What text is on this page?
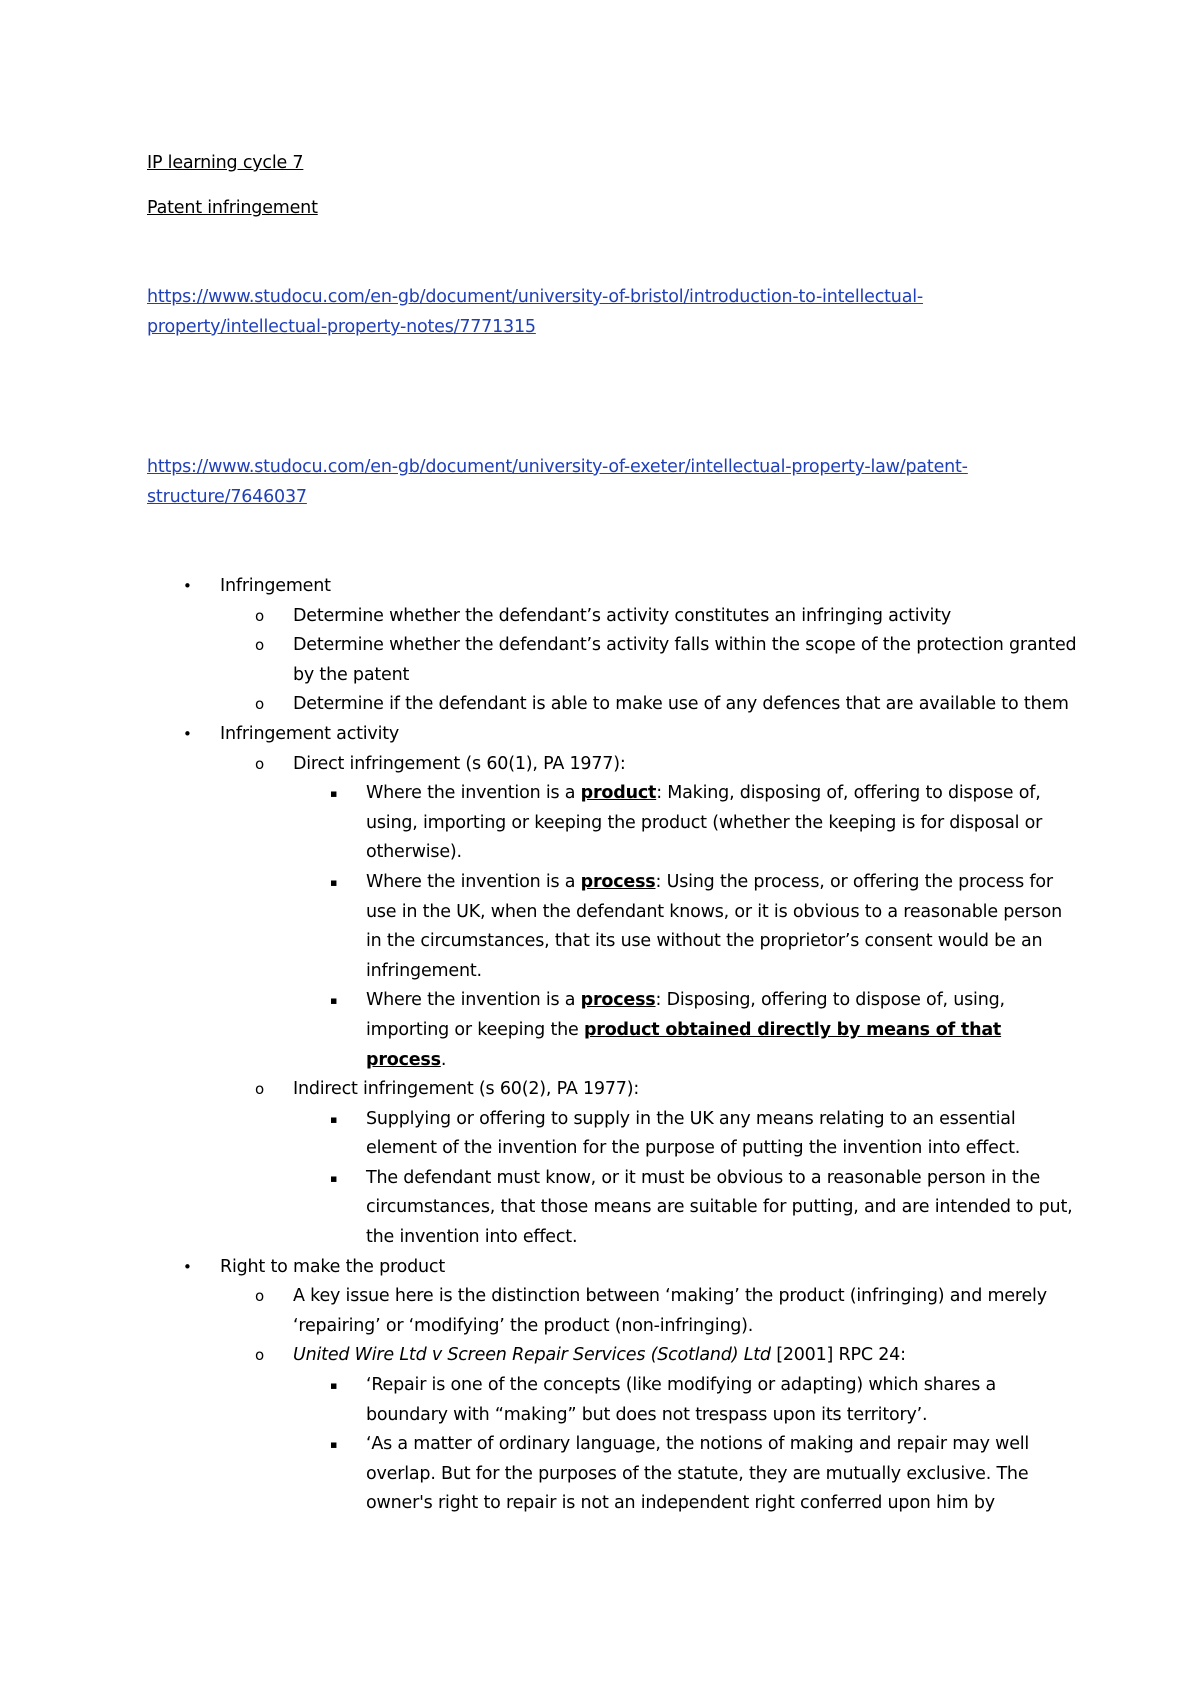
IP learning cycle 7

Patent infringement

https://www.studocu.com/en-gb/document/university-of-bristol/introduction-to-intellectual-property/intellectual-property-notes/7771315
https://www.studocu.com/en-gb/document/university-of-exeter/intellectual-property-law/patent-structure/7646037
• Infringement
o Determine whether the defendant’s activity constitutes an infringing activity
o Determine whether the defendant’s activity falls within the scope of the protection granted by the patent
o Determine if the defendant is able to make use of any defences that are available to them
• Infringement activity
o Direct infringement (s 60(1), PA 1977):
▪ Where the invention is a product: Making, disposing of, offering to dispose of, using, importing or keeping the product (whether the keeping is for disposal or otherwise).
▪ Where the invention is a process: Using the process, or offering the process for use in the UK, when the defendant knows, or it is obvious to a reasonable person in the circumstances, that its use without the proprietor’s consent would be an infringement.
▪ Where the invention is a process: Disposing, offering to dispose of, using, importing or keeping the product obtained directly by means of that process.
o Indirect infringement (s 60(2), PA 1977):
▪ Supplying or offering to supply in the UK any means relating to an essential element of the invention for the purpose of putting the invention into effect.
▪ The defendant must know, or it must be obvious to a reasonable person in the circumstances, that those means are suitable for putting, and are intended to put, the invention into effect.
• Right to make the product
o A key issue here is the distinction between ‘making’ the product (infringing) and merely ‘repairing’ or ‘modifying’ the product (non-infringing).
o United Wire Ltd v Screen Repair Services (Scotland) Ltd [2001] RPC 24:
▪ ‘Repair is one of the concepts (like modifying or adapting) which shares a boundary with “making” but does not trespass upon its territory’.
▪ ‘As a matter of ordinary language, the notions of making and repair may well overlap. But for the purposes of the statute, they are mutually exclusive. The owner's right to repair is not an independent right conferred upon him by
